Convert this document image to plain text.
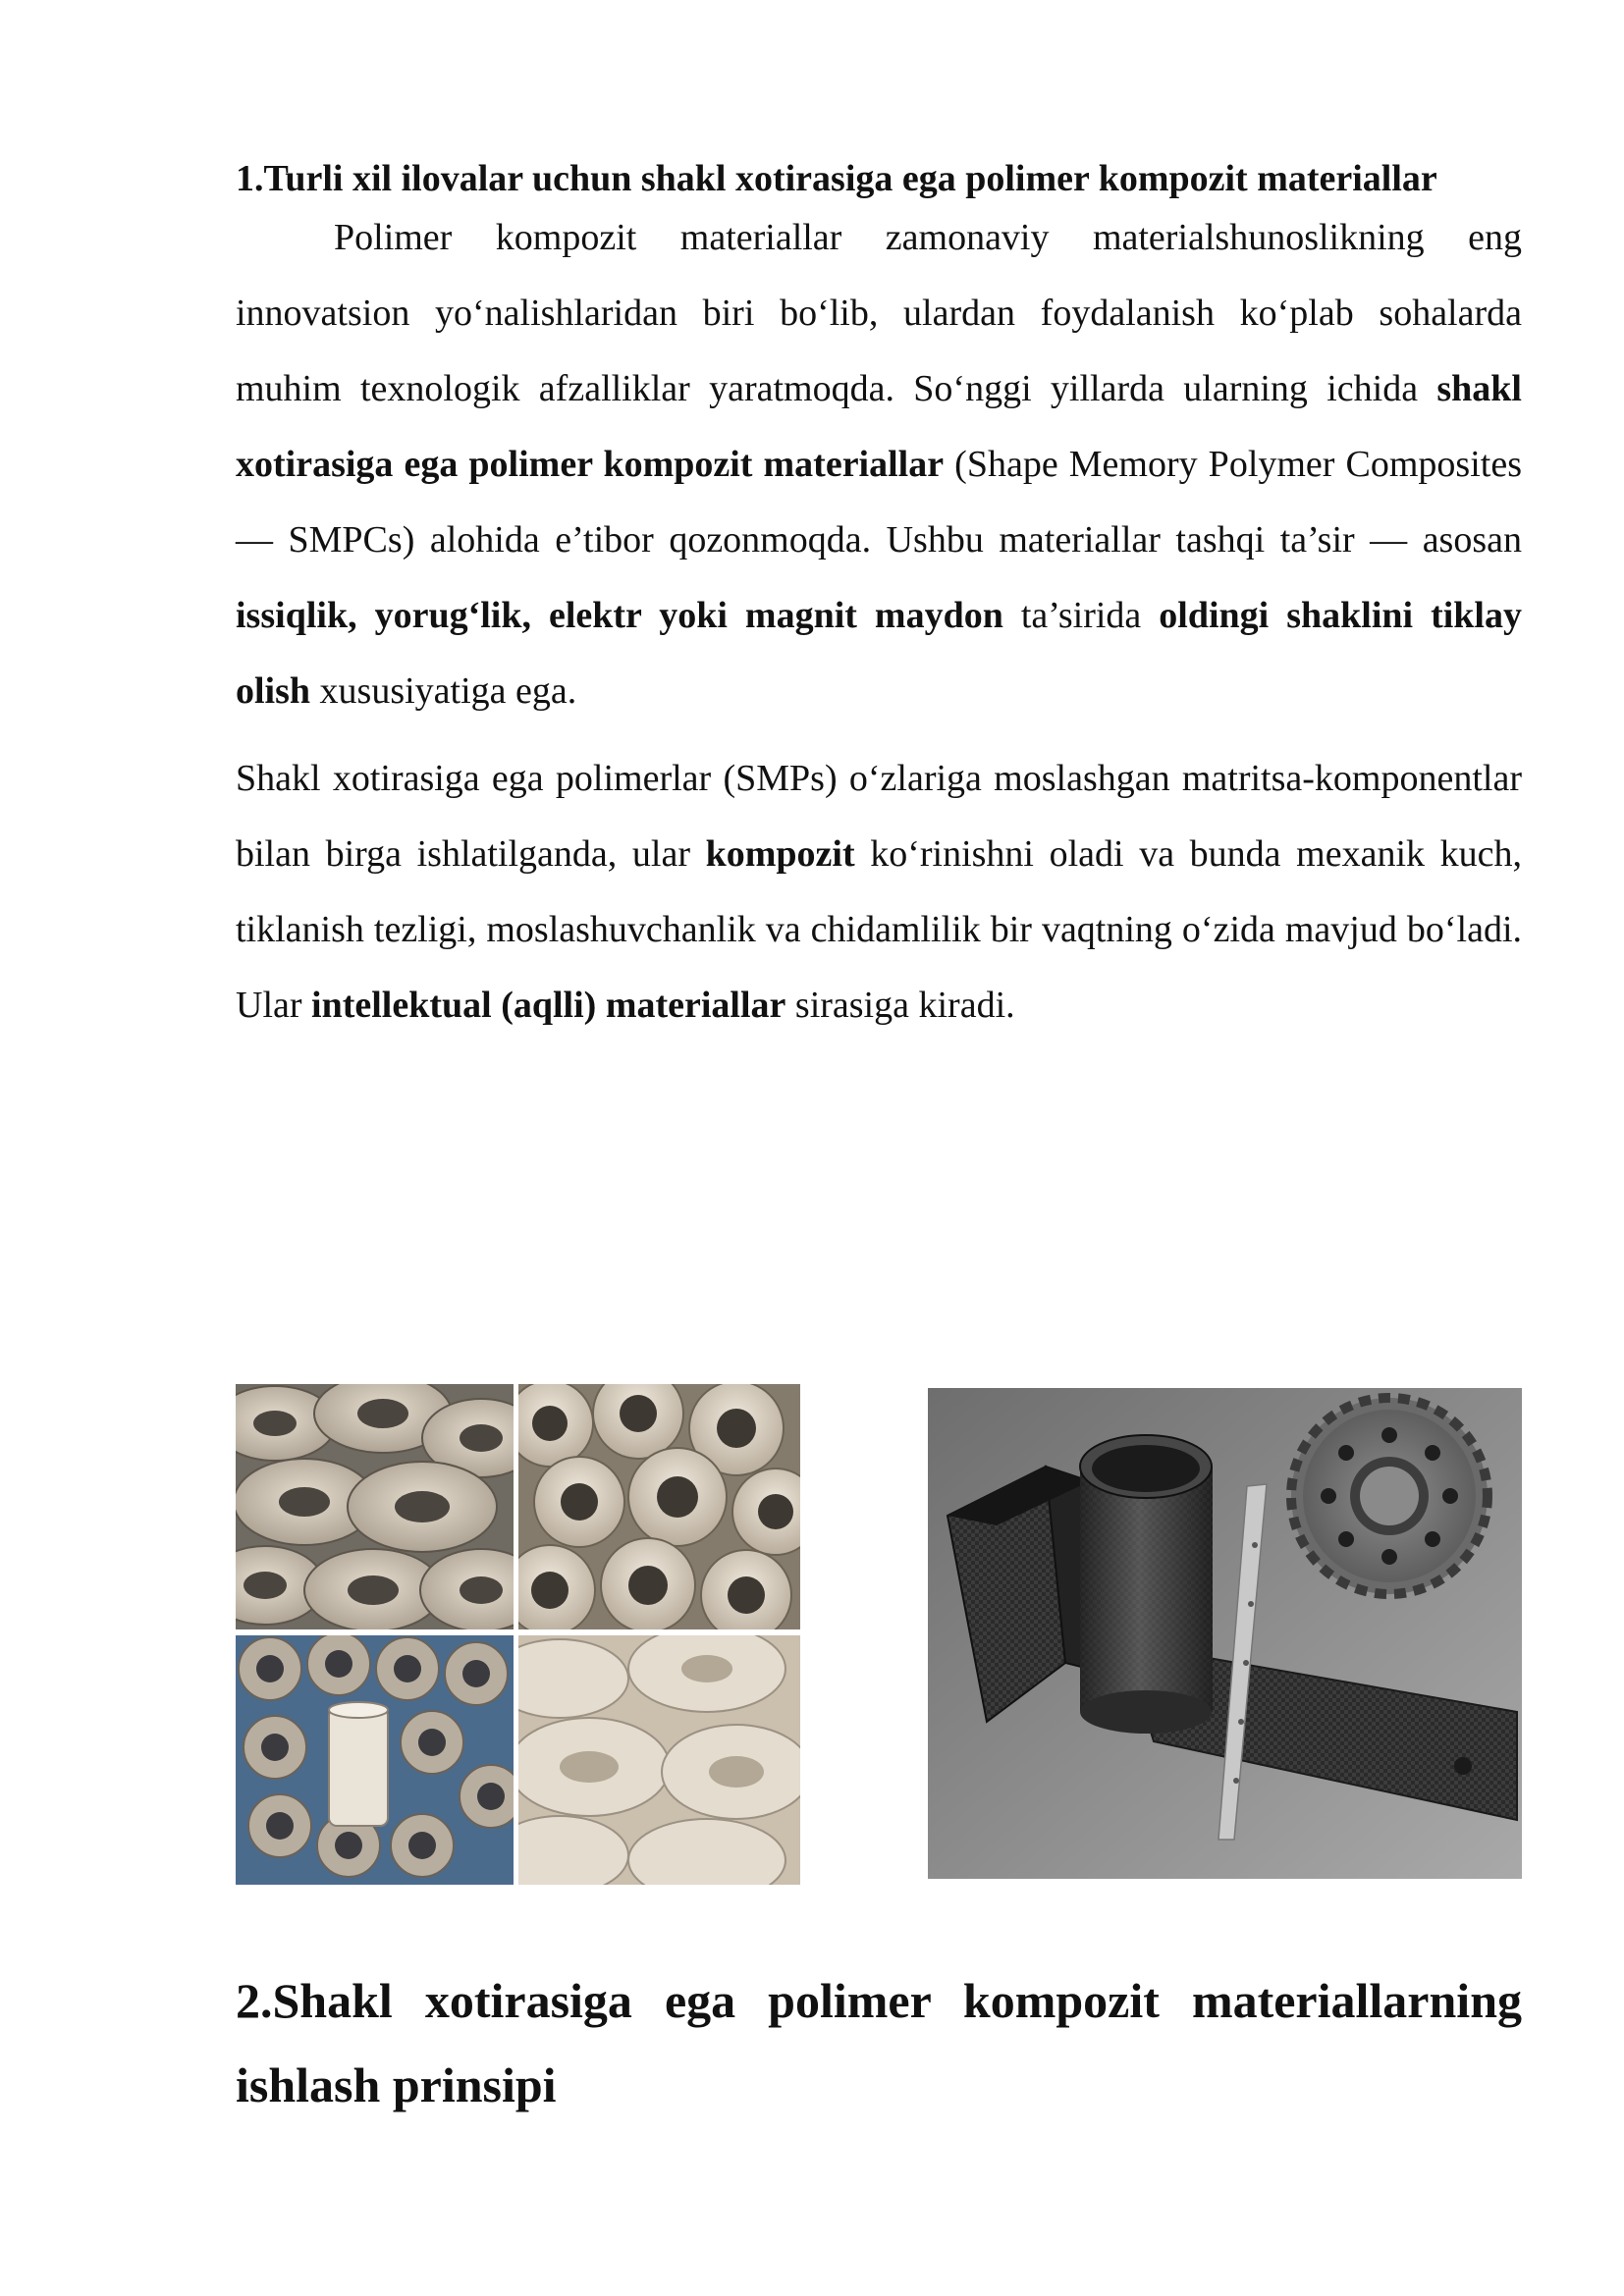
1.Turli xil ilovalar uchun shakl xotirasiga ega polimer kompozit materiallar

Polimer kompozit materiallar zamonaviy materialshunoslikning eng innovatsion yo‘nalishlaridan biri bo‘lib, ulardan foydalanish ko‘plab sohalarda muhim texnologik afzalliklar yaratmoqda. So‘nggi yillarda ularning ichida shakl xotirasiga ega polimer kompozit materiallar (Shape Memory Polymer Composites — SMPCs) alohida e’tibor qozonmoqda. Ushbu materiallar tashqi ta’sir — asosan issiqlik, yorug‘lik, elektr yoki magnit maydon ta’sirida oldingi shaklini tiklay olish xususiyatiga ega.

Shakl xotirasiga ega polimerlar (SMPs) o‘zlariga moslashgan matritsa-komponentlar bilan birga ishlatilganda, ular kompozit ko‘rinishni oladi va bunda mexanik kuch, tiklanish tezligi, moslashuvchanlik va chidamlilik bir vaqtning o‘zida mavjud bo‘ladi. Ular intellektual (aqlli) materiallar sirasiga kiradi.

2.Shakl xotirasiga ega polimer kompozit materiallarning ishlash prinsipi
